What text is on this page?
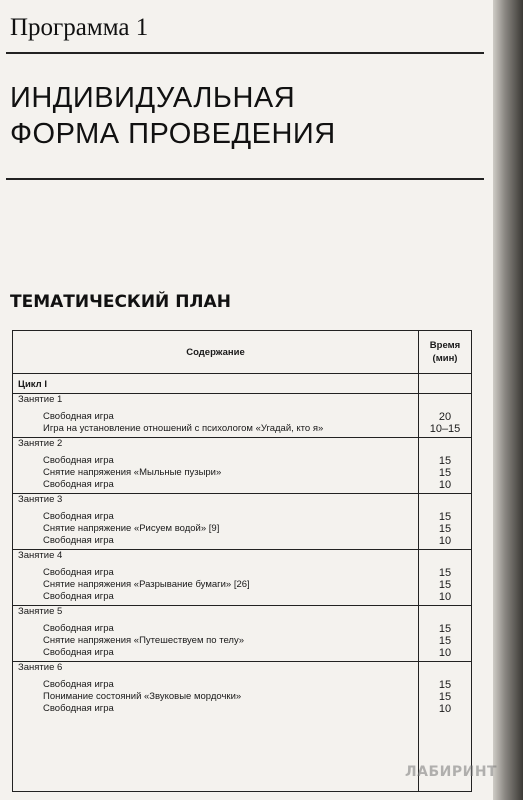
Программа 1
ИНДИВИДУАЛЬНАЯ
ФОРМА ПРОВЕДЕНИЯ
ТЕМАТИЧЕСКИЙ ПЛАН
Содержание
Время
(мин)
Цикл I
Занятие 1
Свободная игра	20
Игра на установление отношений с психологом «Угадай, кто я»	10–15
Занятие 2
Свободная игра	15
Снятие напряжения «Мыльные пузыри»	15
Свободная игра	10
Занятие 3
Свободная игра	15
Снятие напряжение «Рисуем водой» [9]	15
Свободная игра	10
Занятие 4
Свободная игра	15
Снятие напряжения «Разрывание бумаги» [26]	15
Свободная игра	10
Занятие 5
Свободная игра	15
Снятие напряжения «Путешествуем по телу»	15
Свободная игра	10
Занятие 6
Свободная игра	15
Понимание состояний «Звуковые мордочки»	15
Свободная игра	10
ЛАБИРИНТ
